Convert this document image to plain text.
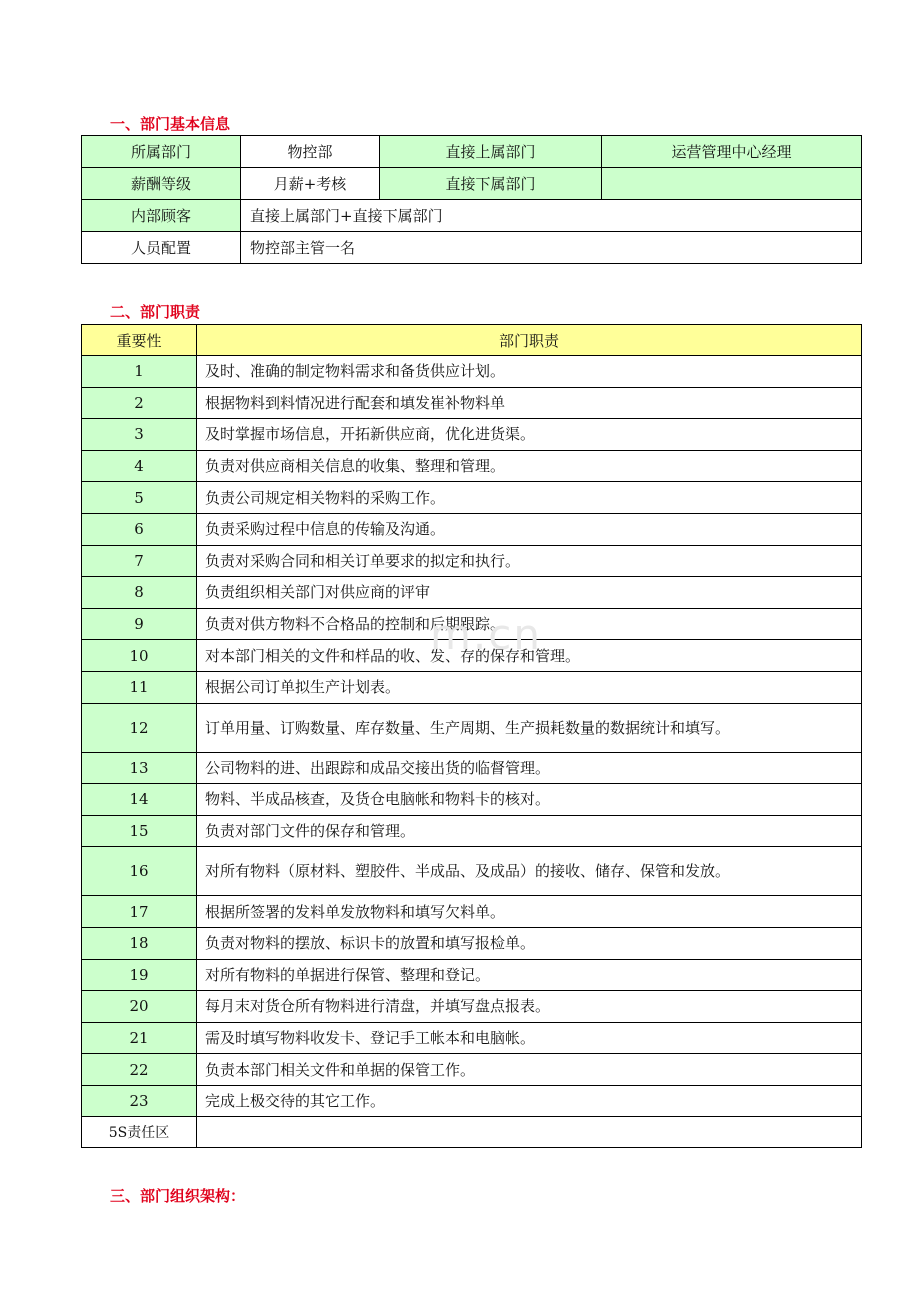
一、部门基本信息
所属部门	物控部	直接上属部门	运营管理中心经理
薪酬等级	月薪+考核	直接下属部门	
内部顾客	直接上属部门+直接下属部门		
人员配置	物控部主管一名		
二、部门职责
重要性	部门职责
1	及时、准确的制定物料需求和备货供应计划。
2	根据物料到料情况进行配套和填发崔补物料单
3	及时掌握市场信息，开拓新供应商，优化进货渠。
4	负责对供应商相关信息的收集、整理和管理。
5	负责公司规定相关物料的采购工作。
6	负责采购过程中信息的传输及沟通。
7	负责对采购合同和相关订单要求的拟定和执行。
8	负责组织相关部门对供应商的评审
9	负责对供方物料不合格品的控制和后期跟踪。
10	对本部门相关的文件和样品的收、发、存的保存和管理。
11	根据公司订单拟生产计划表。
12	订单用量、订购数量、库存数量、生产周期、生产损耗数量的数据统计和填写。
13	公司物料的进、出跟踪和成品交接出货的临督管理。
14	物料、半成品核查，及货仓电脑帐和物料卡的核对。
15	负责对部门文件的保存和管理。
16	对所有物料（原材料、塑胶件、半成品、及成品）的接收、储存、保管和发放。
17	根据所签署的发料单发放物料和填写欠料单。
18	负责对物料的摆放、标识卡的放置和填写报检单。
19	对所有物料的单据进行保管、整理和登记。
20	每月末对货仓所有物料进行清盘，并填写盘点报表。
21	需及时填写物料收发卡、登记手工帐本和电脑帐。
22	负责本部门相关文件和单据的保管工作。
23	完成上极交待的其它工作。
5S责任区	
m.cn
三、部门组织架构：
